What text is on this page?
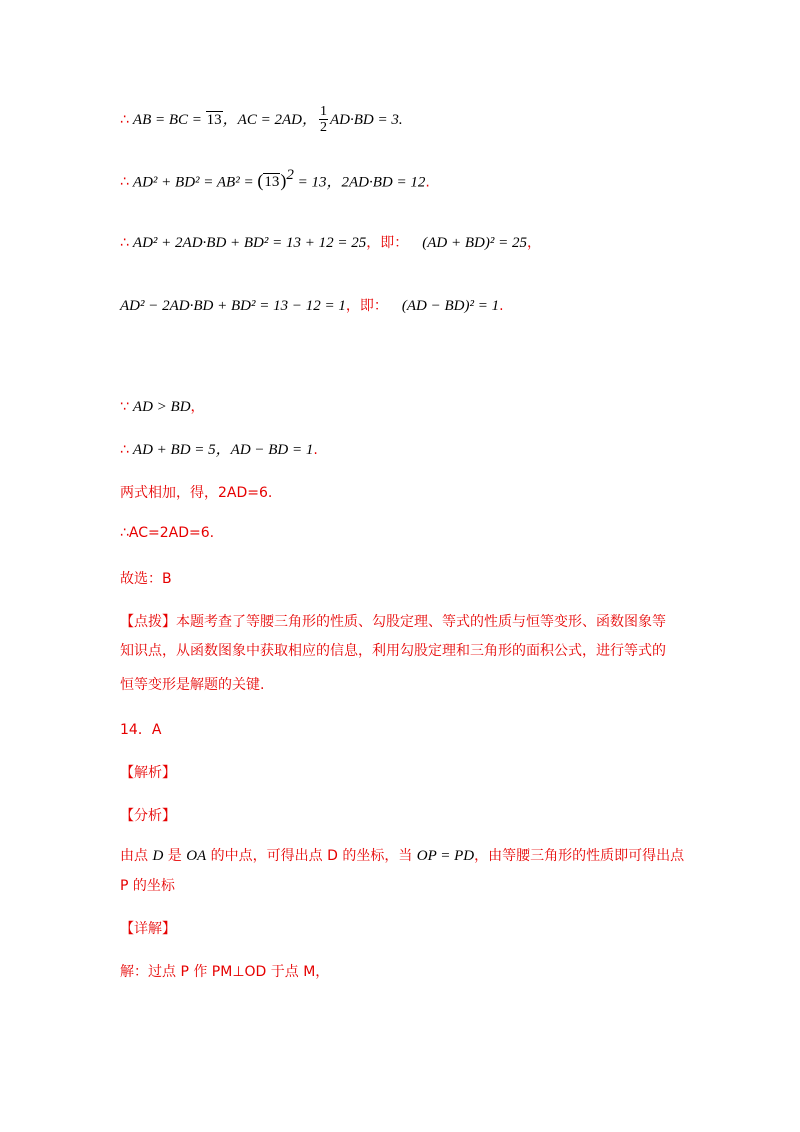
∴ AB = BC = 13，AC = 2AD， $\frac{1}{2} AD\cdot BD = 3$.
∴ $AD^2 + BD^2 = AB^2 = (13)^2 = 13$，2AD·BD = 12.
∴ AD² + 2AD·BD + BD² = 13 + 12 = 25，即： (AD + BD)² = 25，
AD² − 2AD·BD + BD² = 13 − 12 = 1，即： (AD − BD)² = 1.
∵ AD > BD，
∴ AD + BD = 5，AD − BD = 1.
两式相加，得，2AD=6.
∴AC=2AD=6.
故选：B
【点拨】本题考查了等腰三角形的性质、勾股定理、等式的性质与恒等变形、函数图象等
知识点，从函数图象中获取相应的信息，利用勾股定理和三角形的面积公式，进行等式的
恒等变形是解题的关键.
14．A
【解析】
【分析】
由点 D 是 OA 的中点，可得出点 D 的坐标，当 OP = PD，由等腰三角形的性质即可得出点
P 的坐标
【详解】
解：过点 P 作 PM⊥OD 于点 M，
